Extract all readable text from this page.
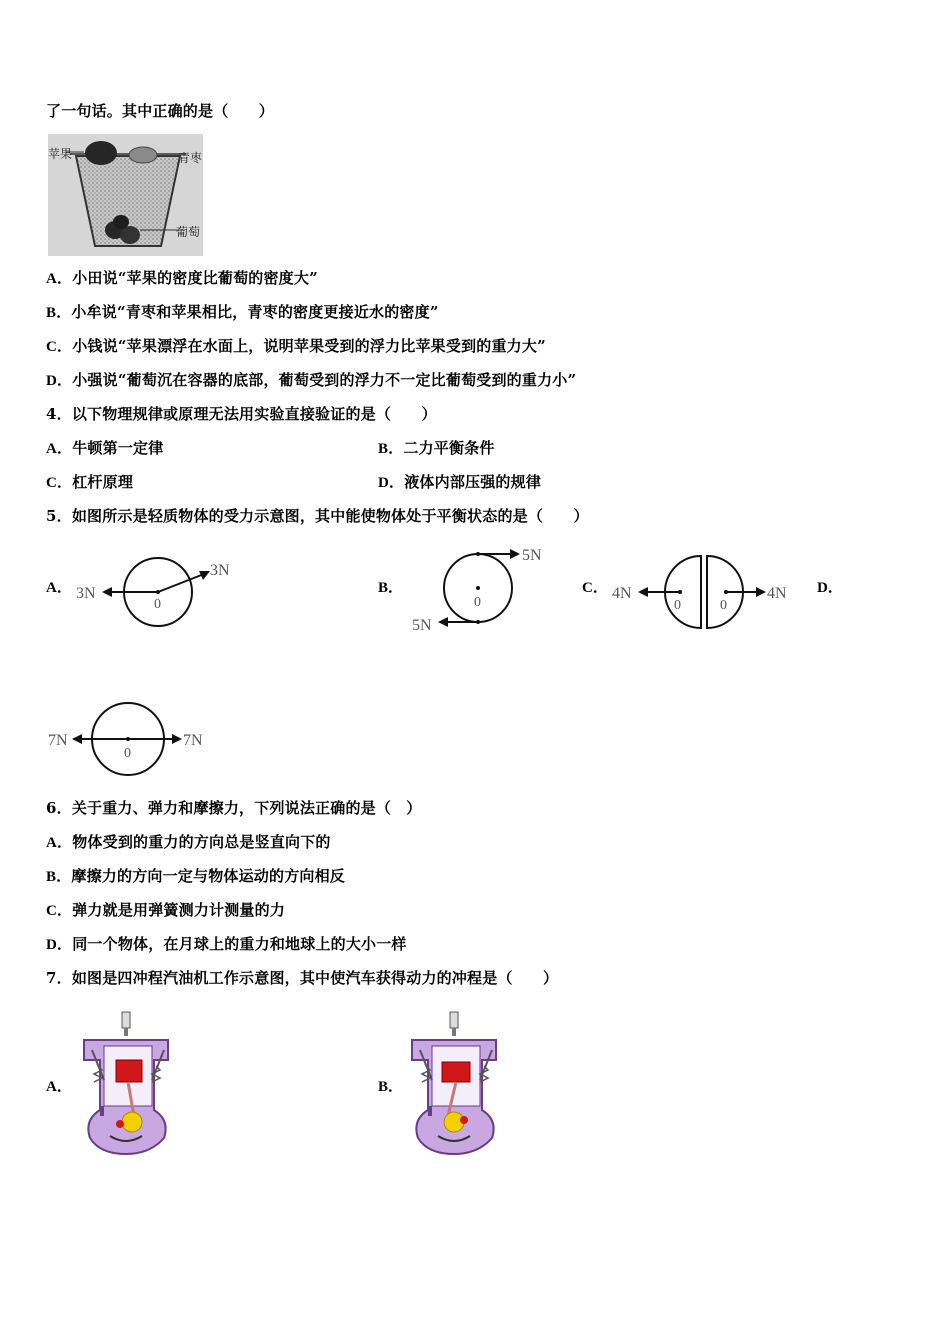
了一句话。其中正确的是（　　）
苹果	青枣
葡萄
A．小田说“苹果的密度比葡萄的密度大”
B．小牟说“青枣和苹果相比，青枣的密度更接近水的密度”
C．小钱说“苹果漂浮在水面上，说明苹果受到的浮力比苹果受到的重力大”
D．小强说“葡萄沉在容器的底部，葡萄受到的浮力不一定比葡萄受到的重力小”
4．以下物理规律或原理无法用实验直接验证的是（　　）
A．牛顿第一定律	B．二力平衡条件
C．杠杆原理	D．液体内部压强的规律
5．如图所示是轻质物体的受力示意图，其中能使物体处于平衡状态的是（　　）
A． 3N
3N
0
B．
5N
5N
0
C． 4N	4N
0	0
D．
7N	7N
0
6．关于重力、弹力和摩擦力，下列说法正确的是（　）
A．物体受到的重力的方向总是竖直向下的
B．摩擦力的方向一定与物体运动的方向相反
C．弹力就是用弹簧测力计测量的力
D．同一个物体，在月球上的重力和地球上的大小一样
7．如图是四冲程汽油机工作示意图，其中使汽车获得动力的冲程是（　　）
A．	B．
